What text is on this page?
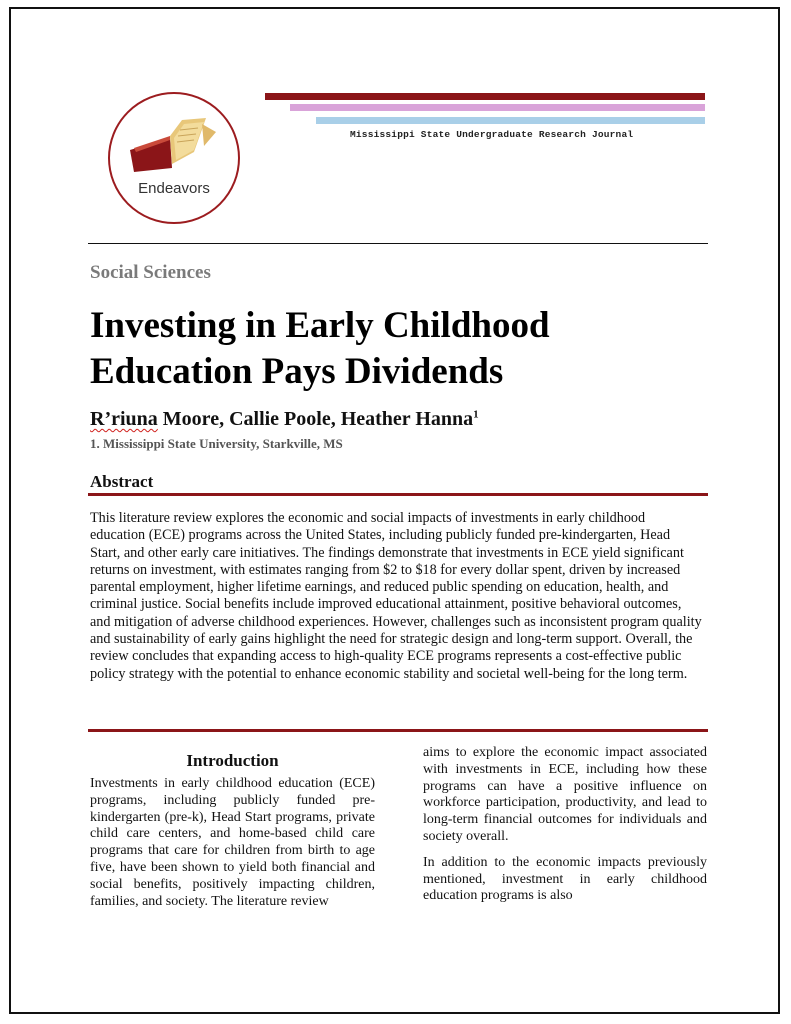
Endeavors
Mississippi State Undergraduate Research Journal
Social Sciences
Investing in Early Childhood
Education Pays Dividends
R’riuna Moore, Callie Poole, Heather Hanna$^1$
1. Mississippi State University, Starkville, MS
Abstract

This literature review explores the economic and social impacts of investments in early childhood education (ECE) programs across the United States, including publicly funded pre-kindergarten, Head Start, and other early care initiatives. The findings demonstrate that investments in ECE yield significant returns on investment, with estimates ranging from $2 to $18 for every dollar spent, driven by increased parental employment, higher lifetime earnings, and reduced public spending on education, health, and criminal justice. Social benefits include improved educational attainment, positive behavioral outcomes, and mitigation of adverse childhood experiences. However, challenges such as inconsistent program quality and sustainability of early gains highlight the need for strategic design and long-term support. Overall, the review concludes that expanding access to high-quality ECE programs represents a cost-effective public policy strategy with the potential to enhance economic stability and societal well-being for the long term.

Introduction

Investments in early childhood education (ECE) programs, including publicly funded pre-kindergarten (pre-k), Head Start programs, private child care centers, and home-based child care programs that care for children from birth to age five, have been shown to yield both financial and social benefits, positively impacting children, families, and society. The literature review

aims to explore the economic impact associated with investments in ECE, including how these programs can have a positive influence on workforce participation, productivity, and lead to long-term financial outcomes for individuals and society overall.

In addition to the economic impacts previously mentioned, investment in early childhood education programs is also
